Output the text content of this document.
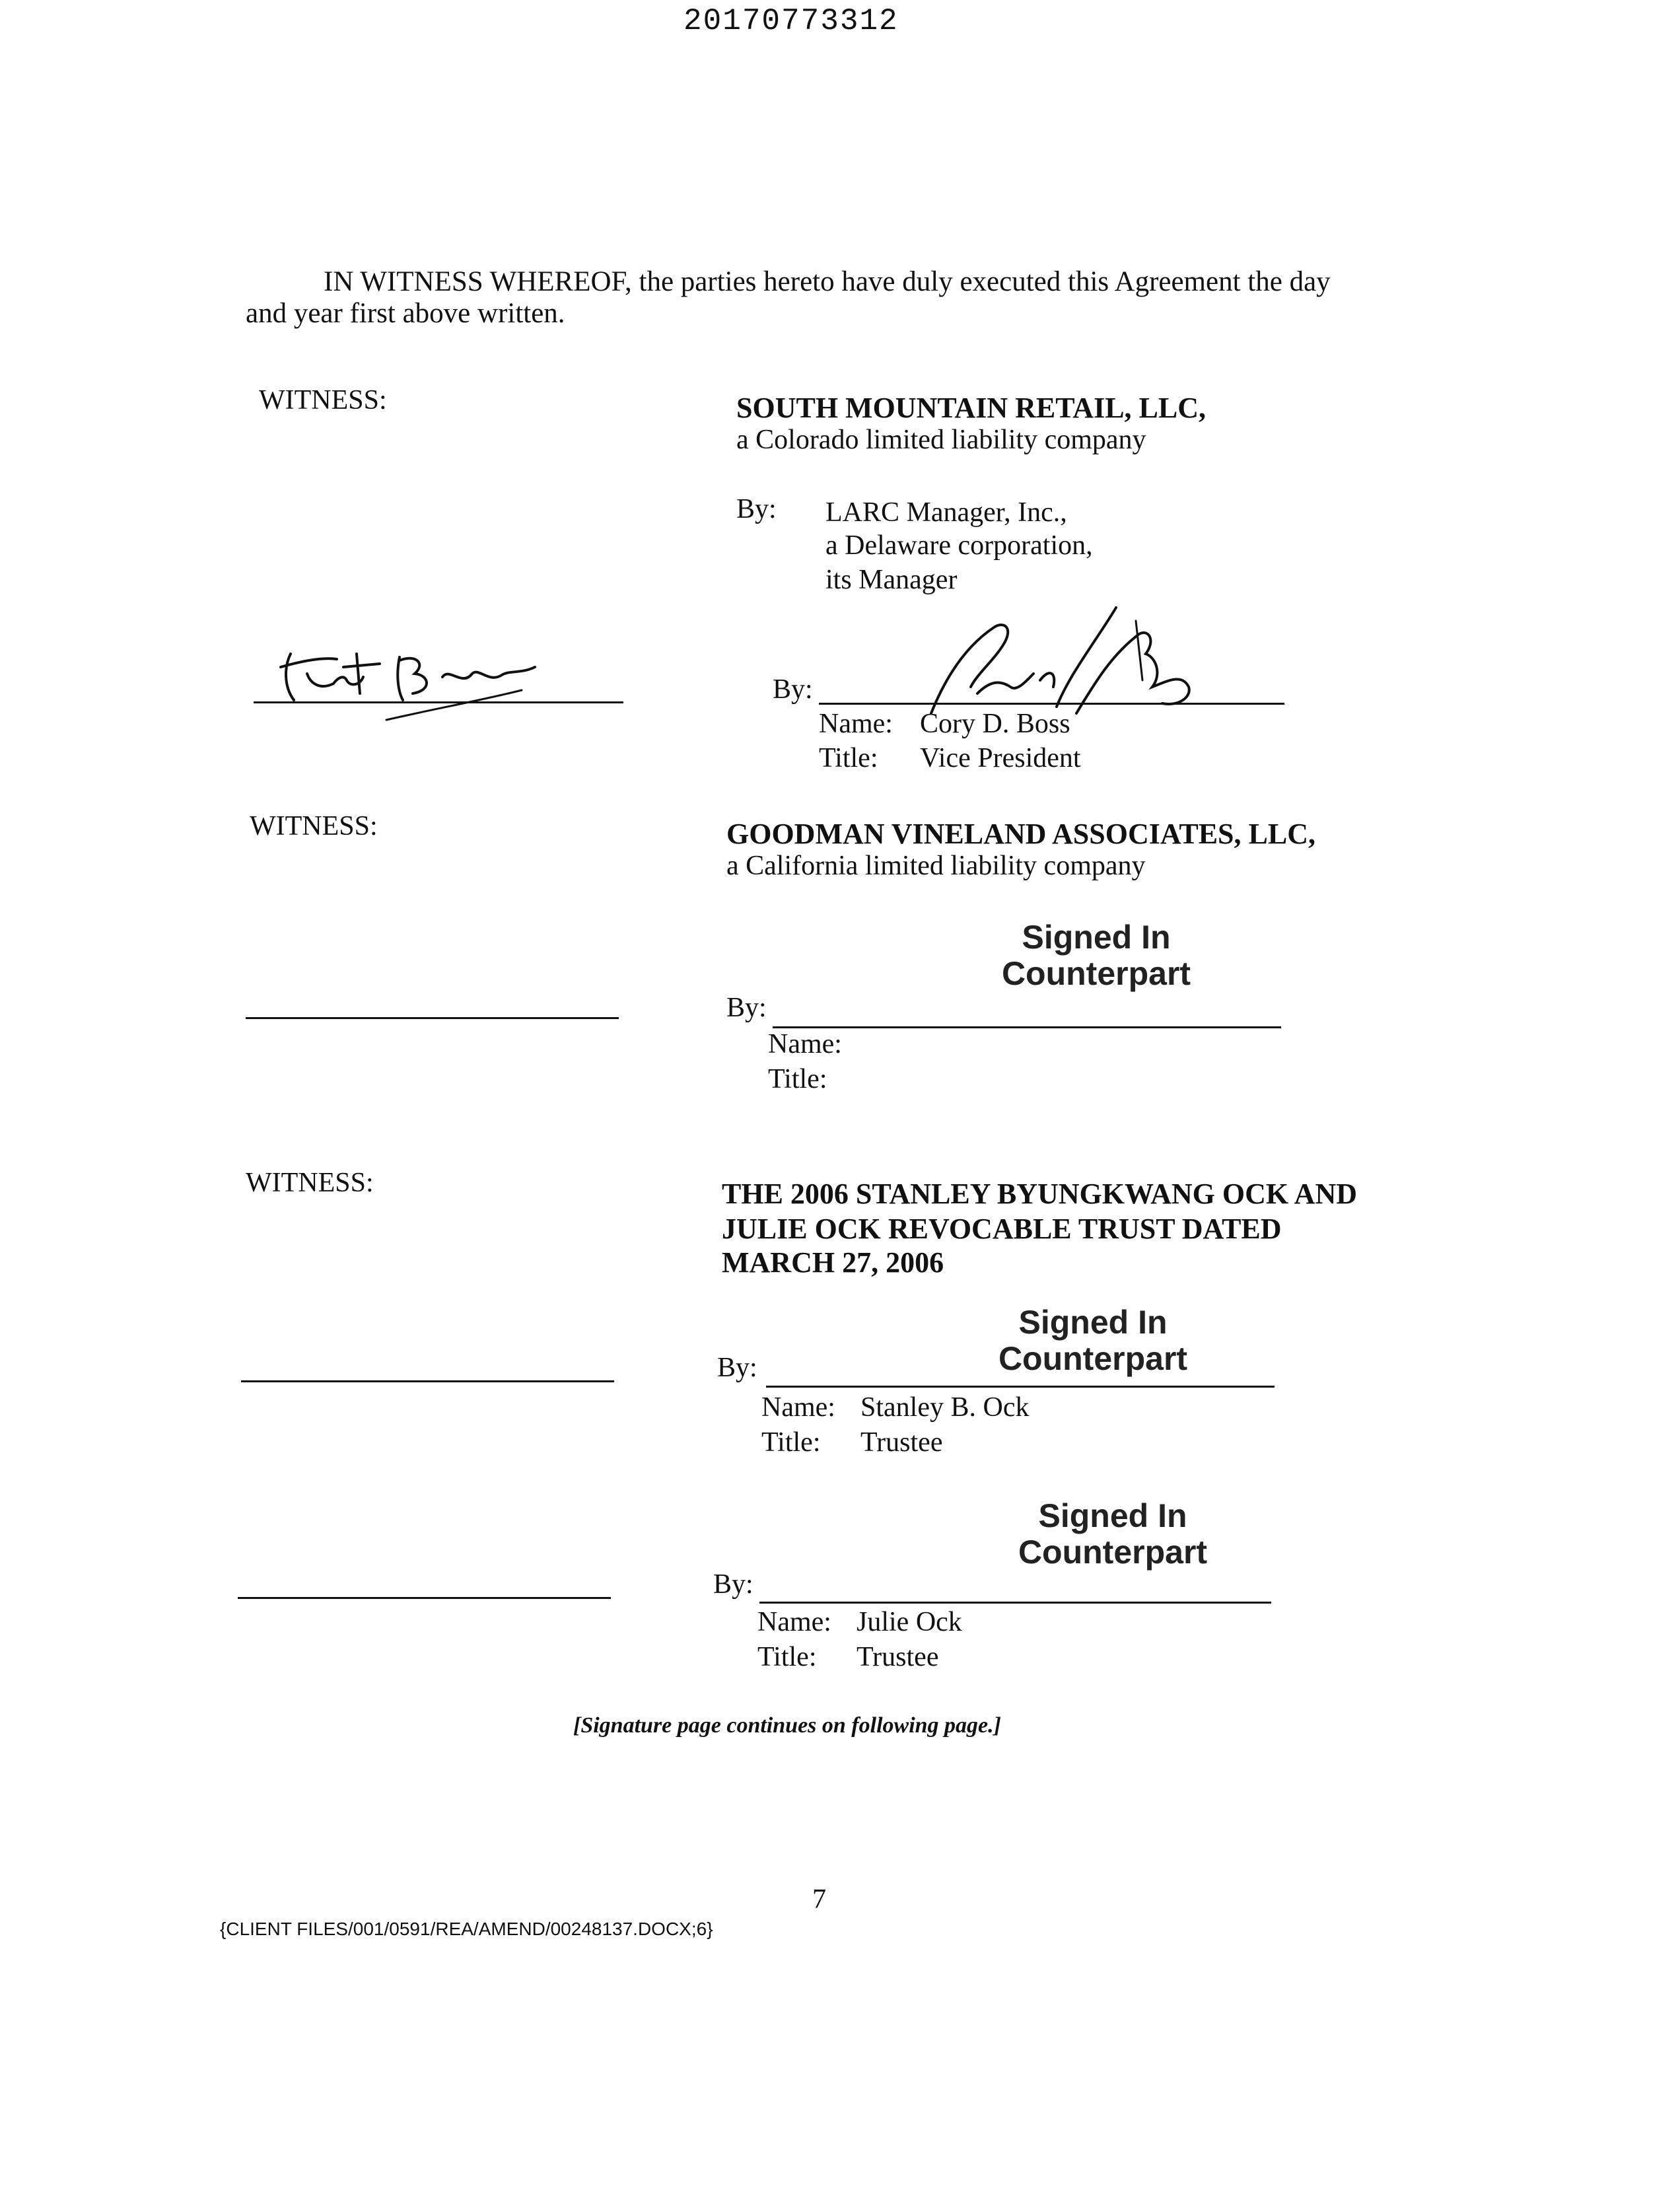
20170773312
IN WITNESS WHEREOF, the parties hereto have duly executed this Agreement the day
and year first above written.
WITNESS:	SOUTH MOUNTAIN RETAIL, LLC,
a Colorado limited liability company
By: LARC Manager, Inc.,
a Delaware corporation,
its Manager
By:
Name: Cory D. Boss
Title: Vice President
WITNESS:	GOODMAN VINELAND ASSOCIATES, LLC,
a California limited liability company
Signed In
Counterpart
By:
Name:
Title:
WITNESS:	THE 2006 STANLEY BYUNGKWANG OCK AND
JULIE OCK REVOCABLE TRUST DATED
MARCH 27, 2006
Signed In
Counterpart
By:
Name: Stanley B. Ock
Title: Trustee
Signed In
Counterpart
By:
Name: Julie Ock
Title: Trustee
[Signature page continues on following page.]
7
{CLIENT FILES/001/0591/REA/AMEND/00248137.DOCX;6}
